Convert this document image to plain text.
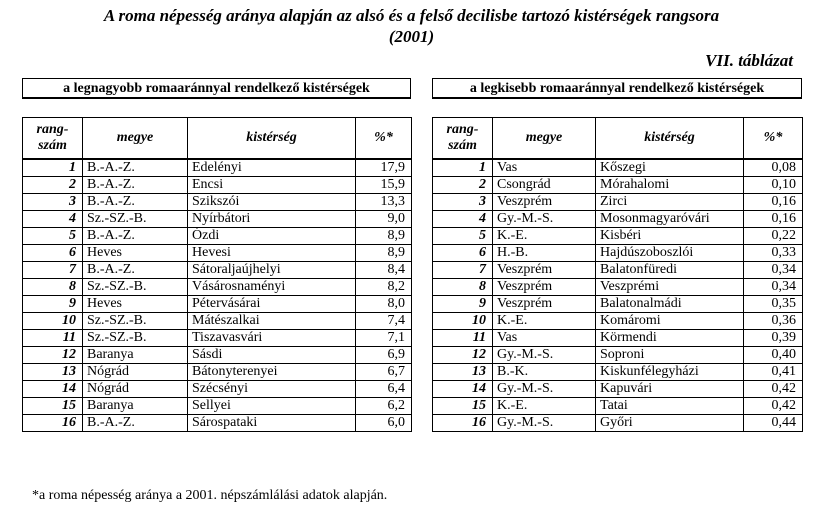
A roma népesség aránya alapján az alsó és a felső decilisbe tartozó kistérségek rangsora
(2001)
VII. táblázat
a legnagyobb romaaránnyal rendelkező kistérségek	a legkisebb romaaránnyal rendelkező kistérségek
rang-
szám	megye	kistérség	%*
1	B.-A.-Z.	Edelényi	17,9
2	B.-A.-Z.	Encsi	15,9
3	B.-A.-Z.	Szikszói	13,3
4	Sz.-SZ.-B.	Nyírbátori	9,0
5	B.-A.-Z.	Ózdi	8,9
6	Heves	Hevesi	8,9
7	B.-A.-Z.	Sátoraljaújhelyi	8,4
8	Sz.-SZ.-B.	Vásárosnaményi	8,2
9	Heves	Pétervásárai	8,0
10	Sz.-SZ.-B.	Mátészalkai	7,4
11	Sz.-SZ.-B.	Tiszavasvári	7,1
12	Baranya	Sásdi	6,9
13	Nógrád	Bátonyterenyei	6,7
14	Nógrád	Szécsényi	6,4
15	Baranya	Sellyei	6,2
16	B.-A.-Z.	Sárospataki	6,0
rang-
szám	megye	kistérség	%*
1	Vas	Kőszegi	0,08
2	Csongrád	Mórahalomi	0,10
3	Veszprém	Zirci	0,16
4	Gy.-M.-S.	Mosonmagyaróvári	0,16
5	K.-E.	Kisbéri	0,22
6	H.-B.	Hajdúszoboszlói	0,33
7	Veszprém	Balatonfüredi	0,34
8	Veszprém	Veszprémi	0,34
9	Veszprém	Balatonalmádi	0,35
10	K.-E.	Komáromi	0,36
11	Vas	Körmendi	0,39
12	Gy.-M.-S.	Soproni	0,40
13	B.-K.	Kiskunfélegyházi	0,41
14	Gy.-M.-S.	Kapuvári	0,42
15	K.-E.	Tatai	0,42
16	Gy.-M.-S.	Győri	0,44
*a roma népesség aránya a 2001. népszámlálási adatok alapján.
